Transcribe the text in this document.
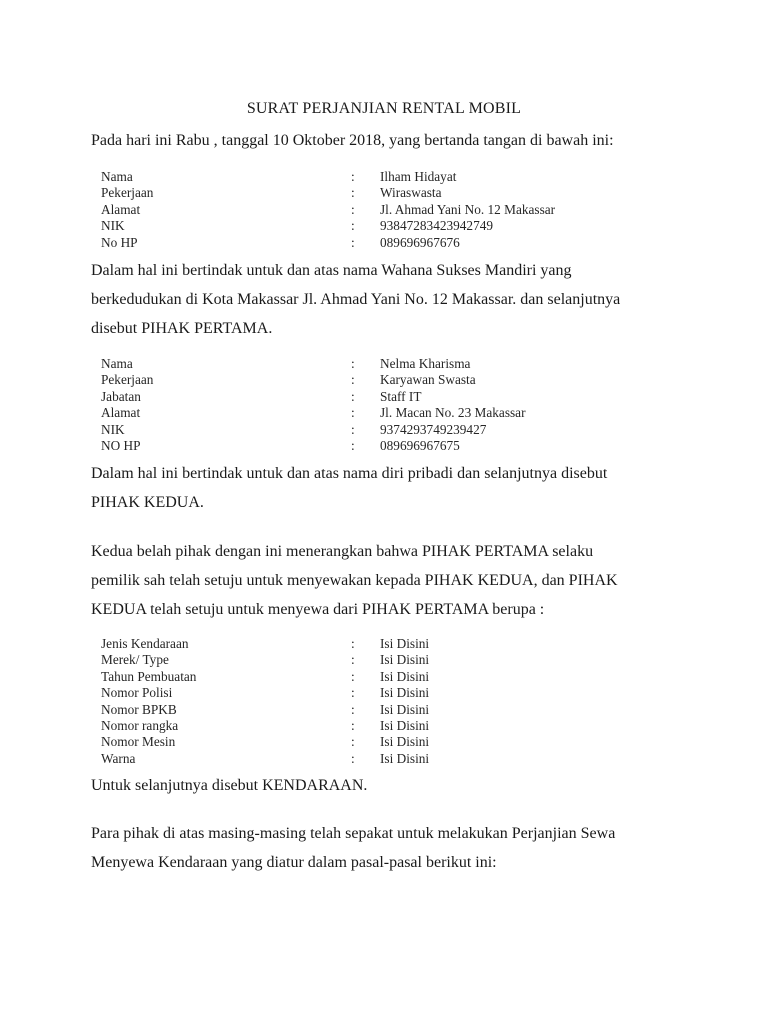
SURAT PERJANJIAN RENTAL MOBIL
Pada hari ini Rabu , tanggal 10 Oktober 2018, yang bertanda tangan di bawah ini:
Nama	: Ilham Hidayat
Pekerjaan	: Wiraswasta
Alamat	: Jl. Ahmad Yani No. 12 Makassar
NIK	: 93847283423942749
No HP	: 089696967676
Dalam hal ini bertindak untuk dan atas nama Wahana Sukses Mandiri yang
berkedudukan di Kota Makassar Jl. Ahmad Yani No. 12 Makassar. dan selanjutnya
disebut PIHAK PERTAMA.
Nama	: Nelma Kharisma
Pekerjaan	: Karyawan Swasta
Jabatan	: Staff IT
Alamat	: Jl. Macan No. 23 Makassar
NIK	: 9374293749239427
NO HP	: 089696967675
Dalam hal ini bertindak untuk dan atas nama diri pribadi dan selanjutnya disebut
PIHAK KEDUA.
Kedua belah pihak dengan ini menerangkan bahwa PIHAK PERTAMA selaku
pemilik sah telah setuju untuk menyewakan kepada PIHAK KEDUA, dan PIHAK
KEDUA telah setuju untuk menyewa dari PIHAK PERTAMA berupa :
Jenis Kendaraan	: Isi Disini
Merek/ Type	: Isi Disini
Tahun Pembuatan	: Isi Disini
Nomor Polisi	: Isi Disini
Nomor BPKB	: Isi Disini
Nomor rangka	: Isi Disini
Nomor Mesin	: Isi Disini
Warna	: Isi Disini
Untuk selanjutnya disebut KENDARAAN.
Para pihak di atas masing-masing telah sepakat untuk melakukan Perjanjian Sewa
Menyewa Kendaraan yang diatur dalam pasal-pasal berikut ini:
